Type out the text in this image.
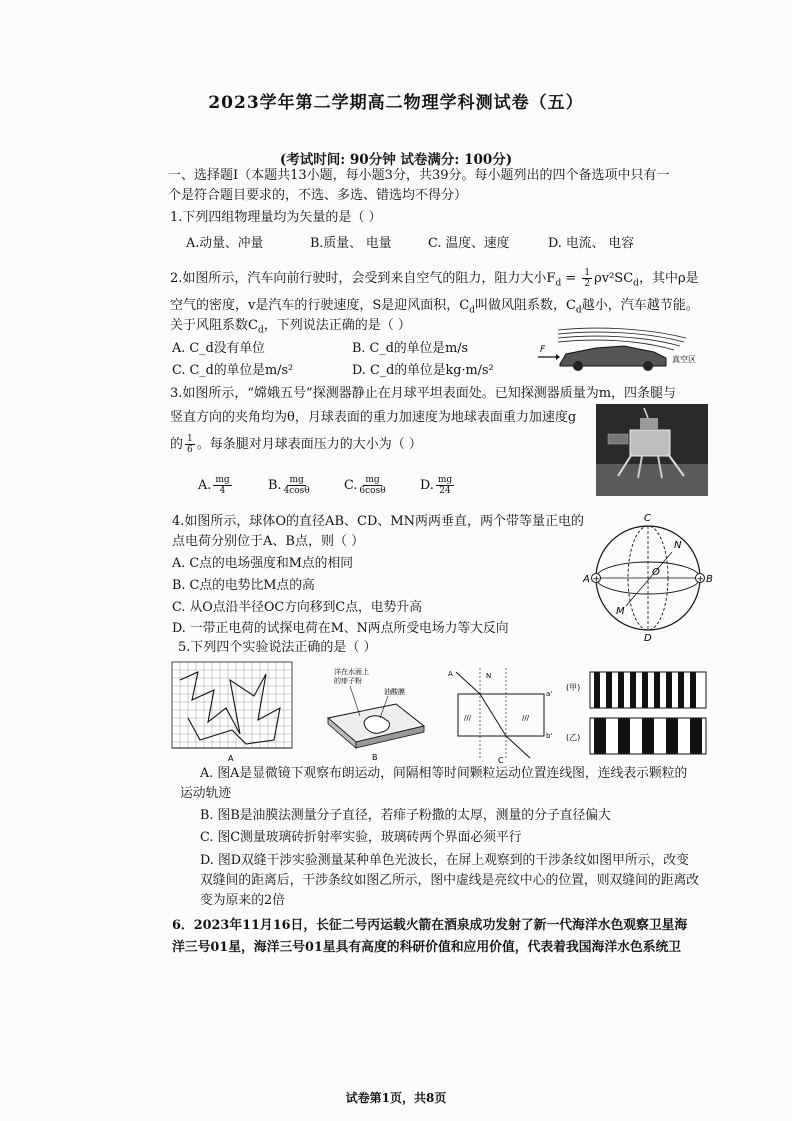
2023学年第二学期高二物理学科测试卷（五）
(考试时间: 90分钟 试卷满分: 100分)
一、选择题Ⅰ（本题共13小题，每小题3分，共39分。每小题列出的四个备选项中只有一
个是符合题目要求的，不选、多选、错选均不得分）
1.下列四组物理量均为矢量的是（ ）
A.动量、冲量	B.质量、 电量	C. 温度、速度	D. 电流、 电容
2.如图所示，汽车向前行驶时，会受到来自空气的阻力，阻力大小$F_d = \frac{1}{2} \rho v^2SC_d$，其中ρ是
空气的密度，v是汽车的行驶速度，S是迎风面积，$C_d$叫做风阻系数，$C_d$越小，汽车越节能。
关于风阻系数$C_d$，下列说法正确的是（ ）
A. C_d没有单位	B. C_d的单位是m/s
C. C_d的单位是m/s²	D. C_d的单位是kg·m/s²
F
真空区
3.如图所示，“嫦娥五号”探测器静止在月球平坦表面处。已知探测器质量为m，四条腿与
竖直方向的夹角均为θ，月球表面的重力加速度为地球表面重力加速度g
的 $\frac{1}{6}$ 。每条腿对月球表面压力的大小为（ ）
A. $\frac{mg}{4}$	B. $\frac{mg}{4\cos\theta}$	C. $\frac{mg}{6\cos\theta}$	D. $\frac{mg}{24}$
4.如图所示，球体O的直径AB、CD、MN两两垂直，两个带等量正电的
点电荷分别位于A、B点，则（ ）
A. C点的电场强度和M点的相同
B. C点的电势比M点的高
C. 从O点沿半径OC方向移到C点，电势升高
D. 一带正电荷的试探电荷在M、N两点所受电场力等大反向
+	+
C
N
O
A	B
M
D
5.下列四个实验说法正确的是（ ）
A
洋在水面上
的痱子粉
油酸膜
B
A	N
a'
b'
///	///
C
(甲)
(乙)
A. 图A是显微镜下观察布朗运动，间隔相等时间颗粒运动位置连线图，连线表示颗粒的
运动轨迹
B. 图B是油膜法测量分子直径，若痱子粉撒的太厚，测量的分子直径偏大
C. 图C测量玻璃砖折射率实验，玻璃砖两个界面必须平行
D. 图D双缝干涉实验测量某种单色光波长，在屏上观察到的干涉条纹如图甲所示，改变
双缝间的距离后，干涉条纹如图乙所示，图中虚线是亮纹中心的位置，则双缝间的距离改
变为原来的2倍
6．2023年11月16日，长征二号丙运载火箭在酒泉成功发射了新一代海洋水色观察卫星海
洋三号01星，海洋三号01星具有高度的科研价值和应用价值，代表着我国海洋水色系统卫
试卷第1页，共8页
